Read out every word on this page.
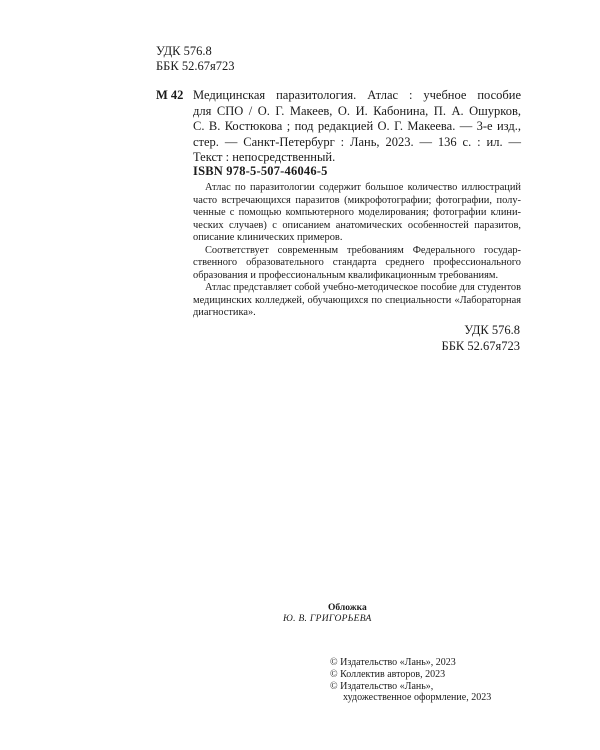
УДК 576.8
ББК 52.67я723
М 42 Медицинская паразитология. Атлас : учебное пособие
для СПО / О. Г. Макеев, О. И. Кабонина, П. А. Ошурков,
С. В. Костюкова ; под редакцией О. Г. Макеева. — 3-е изд.,
стер. — Санкт-Петербург : Лань, 2023. — 136 с. : ил. —
Текст : непосредственный.
ISBN 978-5-507-46046-5
Атлас по паразитологии содержит большое количество иллюстраций
часто встречающихся паразитов (микрофотографии; фотографии, полу-
ченные с помощью компьютерного моделирования; фотографии клини-
ческих случаев) с описанием анатомических особенностей паразитов,
описание клинических примеров.
Соответствует современным требованиям Федерального государ-
ственного образовательного стандарта среднего профессионального
образования и профессиональным квалификационным требованиям.
Атлас представляет собой учебно-методическое пособие для студентов
медицинских колледжей, обучающихся по специальности «Лабораторная
диагностика».
УДК 576.8
ББК 52.67я723
Обложка
Ю. В. ГРИГОРЬЕВА
© Издательство «Лань», 2023
© Коллектив авторов, 2023
© Издательство «Лань»,
художественное оформление, 2023
